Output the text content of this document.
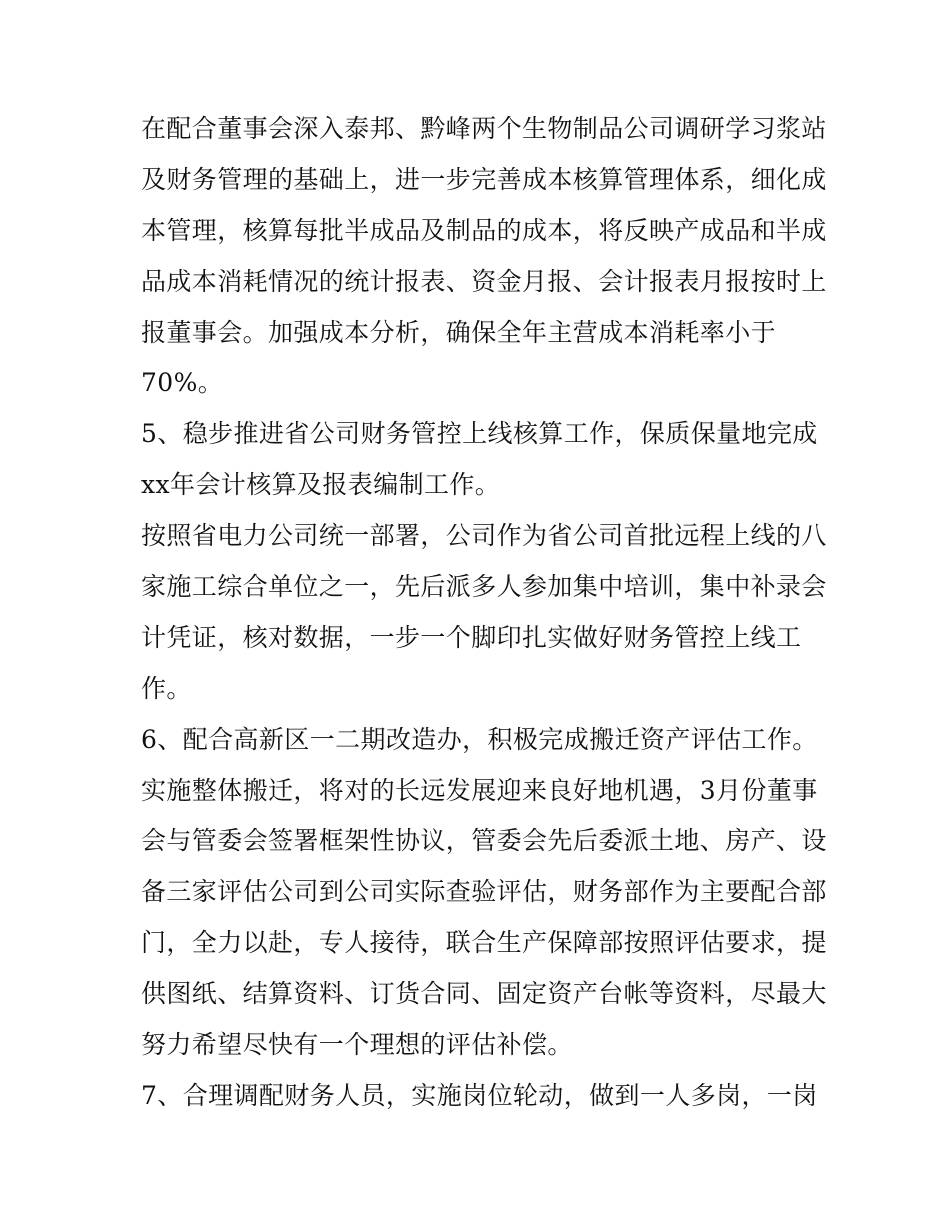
在配合董事会深入泰邦、黔峰两个生物制品公司调研学习浆站
及财务管理的基础上，进一步完善成本核算管理体系，细化成
本管理，核算每批半成品及制品的成本，将反映产成品和半成
品成本消耗情况的统计报表、资金月报、会计报表月报按时上
报董事会。加强成本分析，确保全年主营成本消耗率小于
70%。
5、稳步推进省公司财务管控上线核算工作，保质保量地完成
xx年会计核算及报表编制工作。
按照省电力公司统一部署，公司作为省公司首批远程上线的八
家施工综合单位之一，先后派多人参加集中培训，集中补录会
计凭证，核对数据，一步一个脚印扎实做好财务管控上线工
作。
6、配合高新区一二期改造办，积极完成搬迁资产评估工作。
实施整体搬迁，将对的长远发展迎来良好地机遇，3月份董事
会与管委会签署框架性协议，管委会先后委派土地、房产、设
备三家评估公司到公司实际查验评估，财务部作为主要配合部
门，全力以赴，专人接待，联合生产保障部按照评估要求，提
供图纸、结算资料、订货合同、固定资产台帐等资料，尽最大
努力希望尽快有一个理想的评估补偿。
7、合理调配财务人员，实施岗位轮动，做到一人多岗，一岗
